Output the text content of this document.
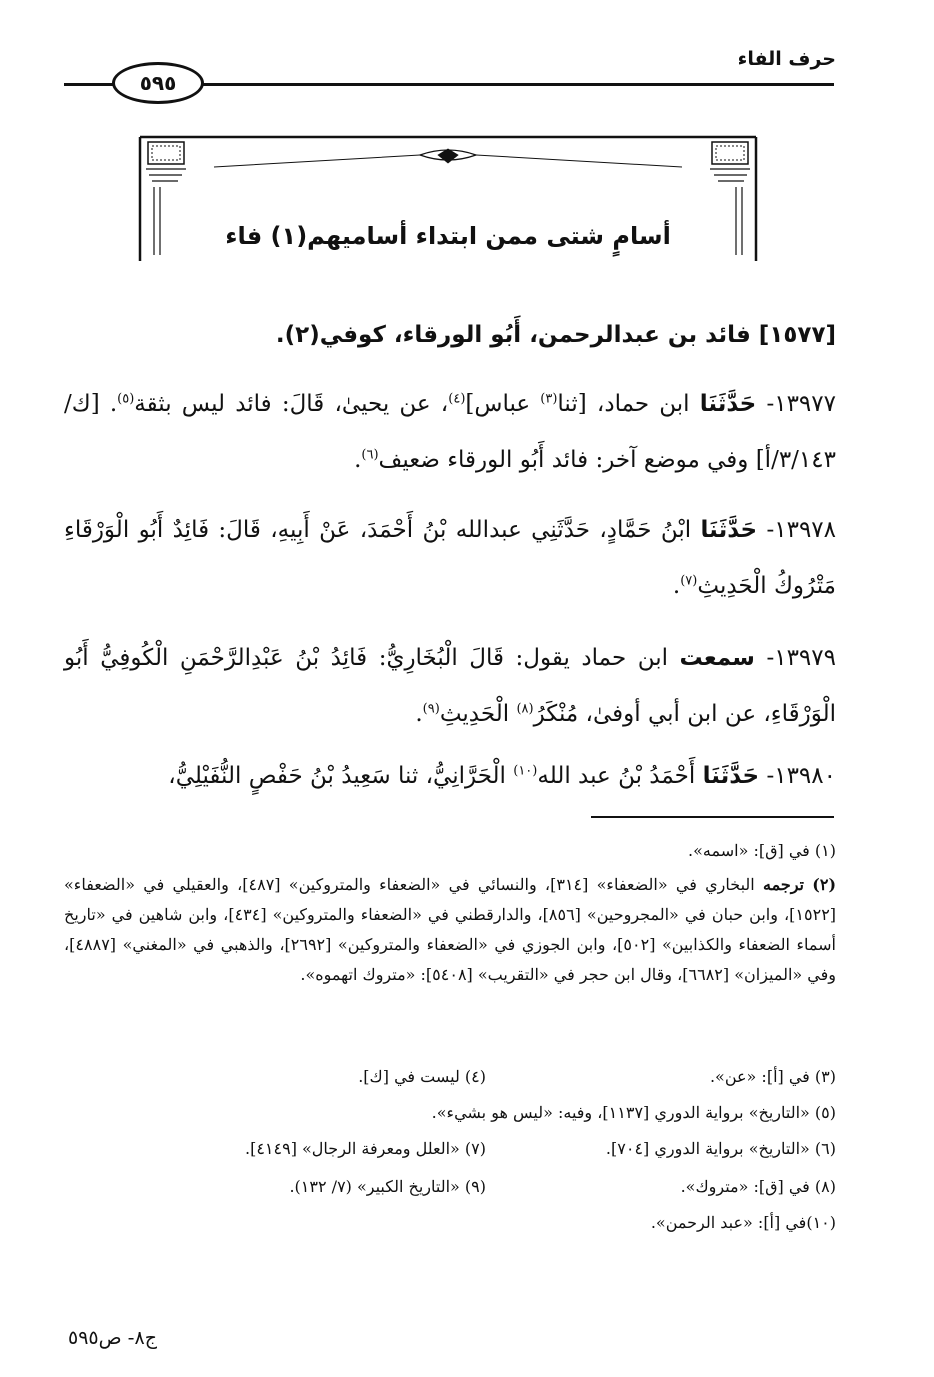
حرف الفاء
٥٩٥
أسامٍ شتى ممن ابتداء أساميهم(١) فاء
[١٥٧٧] فائد بن عبدالرحمن، أَبُو الورقاء، كوفي(٢).
١٣٩٧٧- حَدَّثَنَا ابن حماد، [ثنا$^{(٣)}$ عباس]$^{(٤)}$، عن يحيىٰ، قَالَ: فائد ليس بثقة$^{(٥)}$. [ك/٣/١٤٣/أ] وفي موضع آخر: فائد أَبُو الورقاء ضعيف$^{(٦)}$.
١٣٩٧٨- حَدَّثَنَا ابْنُ حَمَّادٍ، حَدَّثَنِي عبدالله بْنُ أَحْمَدَ، عَنْ أَبِيهِ، قَالَ: فَائِدٌ أَبُو الْوَرْقَاءِ مَتْرُوكُ الْحَدِيثِ$^{(٧)}$.
١٣٩٧٩- سمعت ابن حماد يقول: قَالَ الْبُخَارِيُّ: فَائِدُ بْنُ عَبْدِالرَّحْمَنِ الْكُوفِيُّ أَبُو الْوَرْقَاءِ، عن ابن أبي أوفىٰ، مُنْكَرُ$^{(٨)}$ الْحَدِيثِ$^{(٩)}$.
١٣٩٨٠- حَدَّثَنَا أَحْمَدُ بْنُ عبد الله$^{(١٠)}$ الْحَرَّانِيُّ، ثنا سَعِيدُ بْنُ حَفْصٍ النُّفَيْلِيُّ،
(١) في [ق]: «اسمه».
(٢) ترجمه البخاري في «الضعفاء» [٣١٤]، والنسائي في «الضعفاء والمتروكين» [٤٨٧]، والعقيلي في «الضعفاء» [١٥٢٢]، وابن حبان في «المجروحين» [٨٥٦]، والدارقطني في «الضعفاء والمتروكين» [٤٣٤]، وابن شاهين في «تاريخ أسماء الضعفاء والكذابين» [٥٠٢]، وابن الجوزي في «الضعفاء والمتروكين» [٢٦٩٢]، والذهبي في «المغني» [٤٨٨٧]، وفي «الميزان» [٦٦٨٢]، وقال ابن حجر في «التقريب» [٥٤٠٨]: «متروك اتهموه».
(٣) في [أ]: «عن».(٤) ليست في [ك].
(٥) «التاريخ» برواية الدوري [١١٣٧]، وفيه: «ليس هو بشيء».
(٦) «التاريخ» برواية الدوري [٧٠٤].(٧) «العلل ومعرفة الرجال» [٤١٤٩].
(٨) في [ق]: «متروك».(٩) «التاريخ الكبير» (٧/ ١٣٢).
(١٠)في [أ]: «عبد الرحمن».
ج٨- ص٥٩٥
